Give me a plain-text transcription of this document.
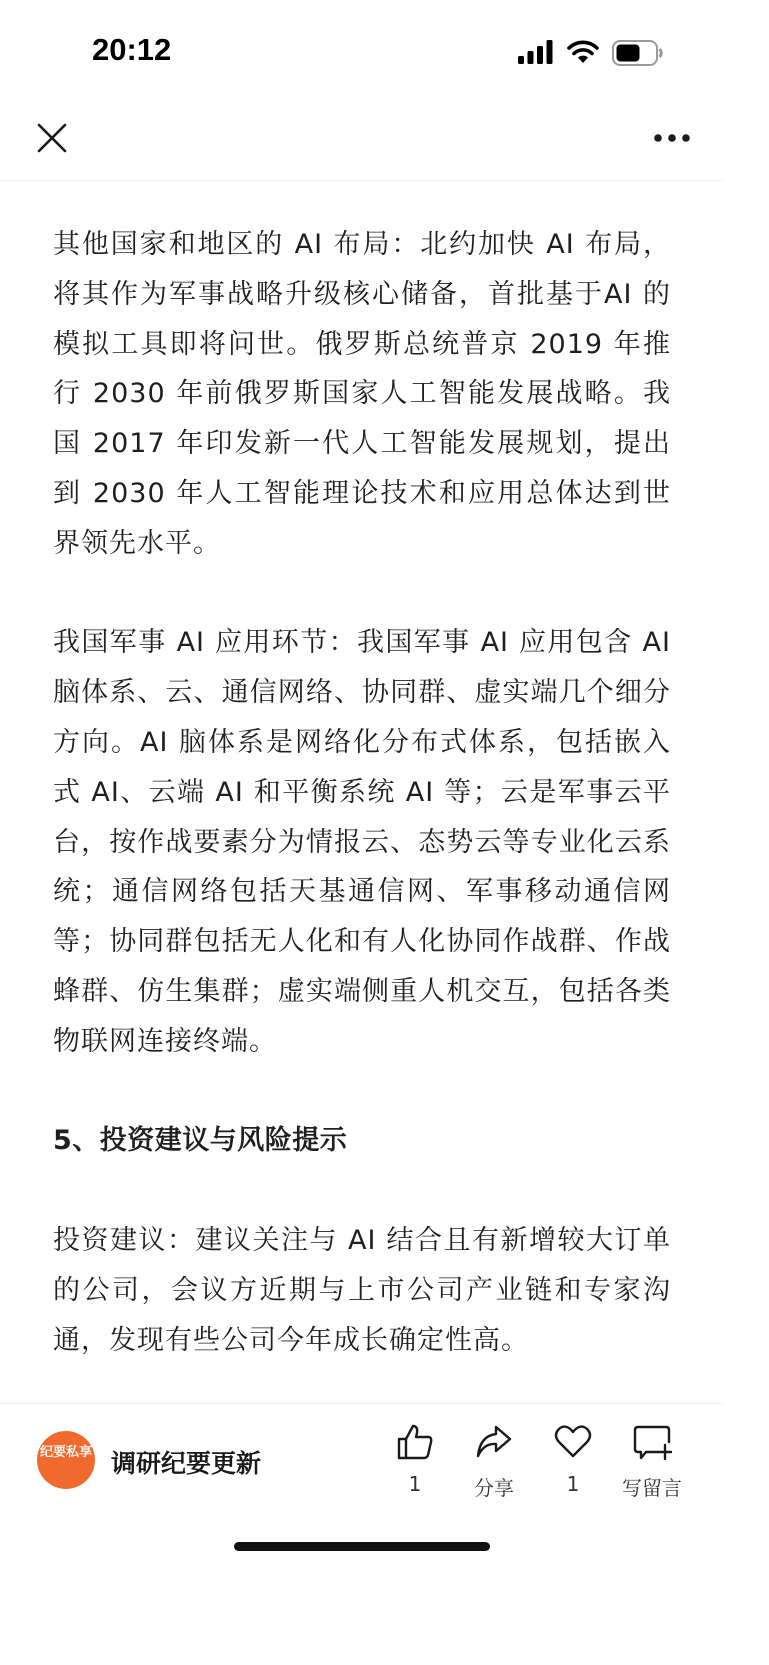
20:12

其他国家和地区的 AI 布局：北约加快 AI 布局，将其作为军事战略升级核心储备，首批基于AI 的模拟工具即将问世。俄罗斯总统普京 2019 年推行 2030 年前俄罗斯国家人工智能发展战略。我国 2017 年印发新一代人工智能发展规划，提出到 2030 年人工智能理论技术和应用总体达到世界领先水平。

我国军事 AI 应用环节：我国军事 AI 应用包含 AI 脑体系、云、通信网络、协同群、虚实端几个细分方向。AI 脑体系是网络化分布式体系，包括嵌入式 AI、云端 AI 和平衡系统 AI 等；云是军事云平台，按作战要素分为情报云、态势云等专业化云系统；通信网络包括天基通信网、军事移动通信网等；协同群包括无人化和有人化协同作战群、作战蜂群、仿生集群；虚实端侧重人机交互，包括各类物联网连接终端。

5、投资建议与风险提示

投资建议：建议关注与 AI 结合且有新增较大订单的公司，会议方近期与上市公司产业链和专家沟通，发现有些公司今年成长确定性高。

纪要私享 调研纪要更新
1	分享	1	写留言
